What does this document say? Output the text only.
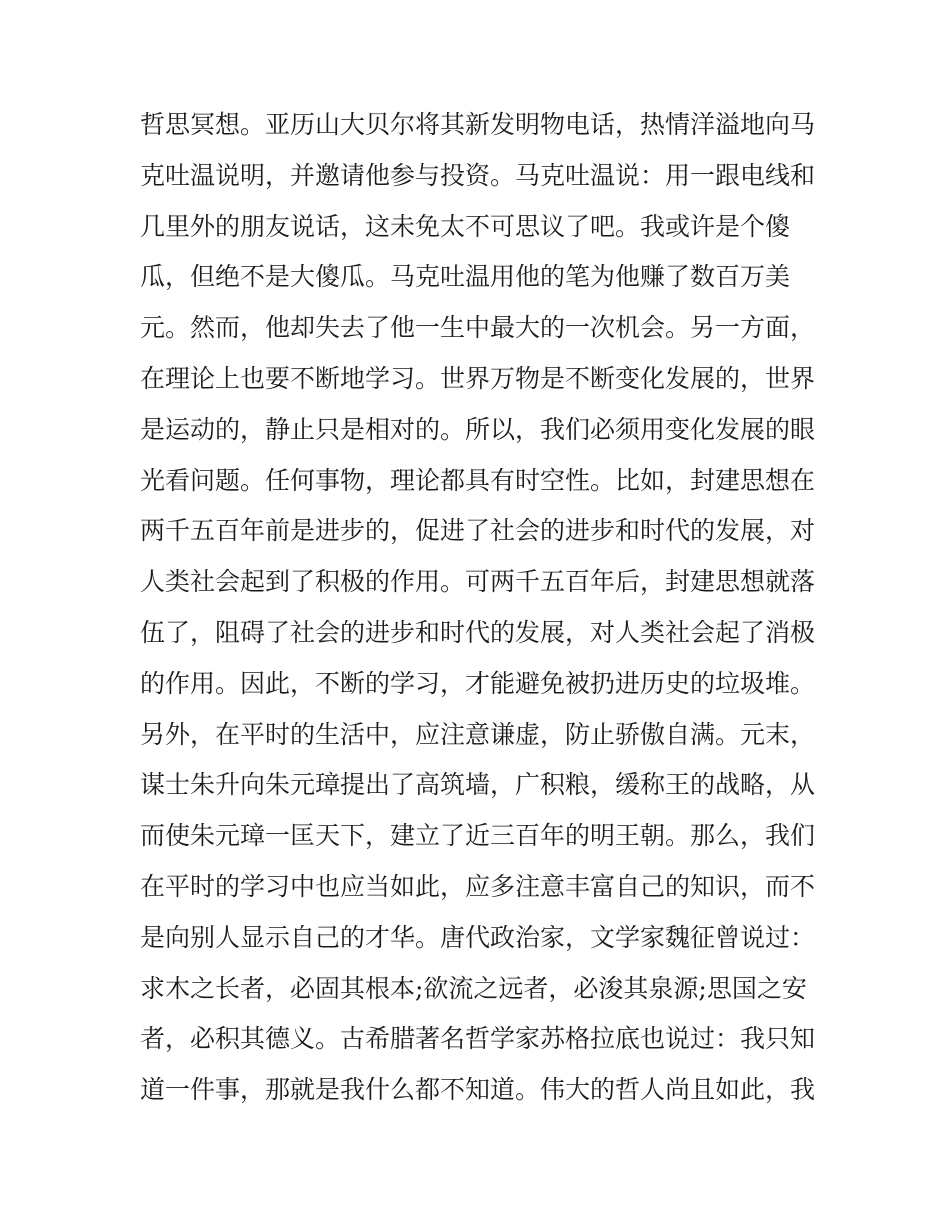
哲思冥想。亚历山大贝尔将其新发明物电话，热情洋溢地向马
克吐温说明，并邀请他参与投资。马克吐温说：用一跟电线和
几里外的朋友说话，这未免太不可思议了吧。我或许是个傻
瓜，但绝不是大傻瓜。马克吐温用他的笔为他赚了数百万美
元。然而，他却失去了他一生中最大的一次机会。另一方面，
在理论上也要不断地学习。世界万物是不断变化发展的，世界
是运动的，静止只是相对的。所以，我们必须用变化发展的眼
光看问题。任何事物，理论都具有时空性。比如，封建思想在
两千五百年前是进步的，促进了社会的进步和时代的发展，对
人类社会起到了积极的作用。可两千五百年后，封建思想就落
伍了，阻碍了社会的进步和时代的发展，对人类社会起了消极
的作用。因此，不断的学习，才能避免被扔进历史的垃圾堆。
另外，在平时的生活中，应注意谦虚，防止骄傲自满。元末，
谋士朱升向朱元璋提出了高筑墙，广积粮，缓称王的战略，从
而使朱元璋一匡天下，建立了近三百年的明王朝。那么，我们
在平时的学习中也应当如此，应多注意丰富自己的知识，而不
是向别人显示自己的才华。唐代政治家，文学家魏征曾说过：
求木之长者，必固其根本;欲流之远者，必浚其泉源;思国之安
者，必积其德义。古希腊著名哲学家苏格拉底也说过：我只知
道一件事，那就是我什么都不知道。伟大的哲人尚且如此，我
